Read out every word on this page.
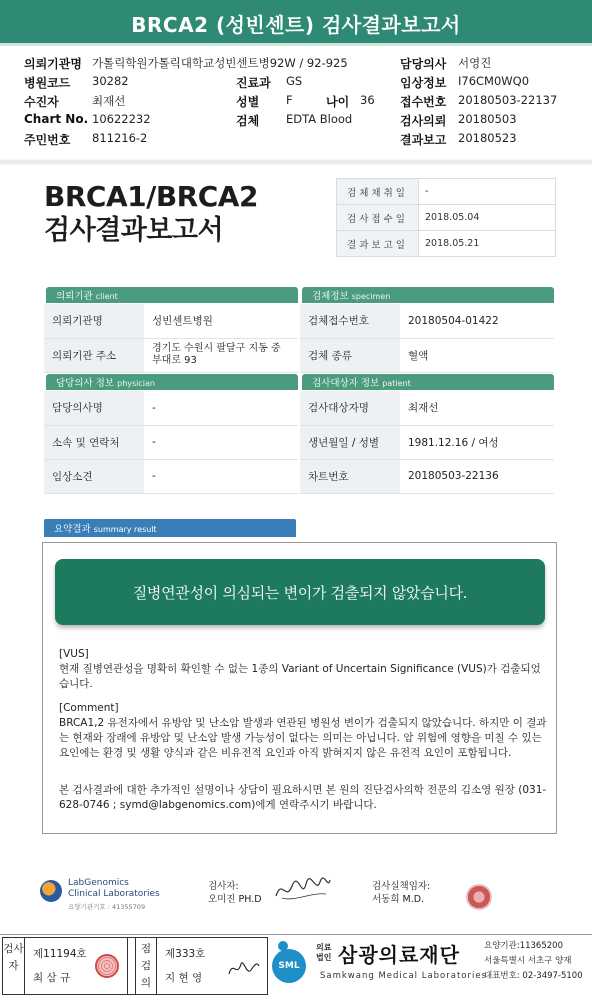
BRCA2 (성빈센트) 검사결과보고서
의뢰기관명 가톨릭학원가톨릭대학교성빈센트병92W / 92-925
병원코드 30282
수진자	최재선
Chart No. 10622232
주민번호 811216-2
진료과 GS
성별 F	나이 36
검체 EDTA Blood
담당의사 서영진
임상정보 I76CM0WQ0
접수번호 20180503-22137
검사의뢰 20180503
결과보고 20180523
BRCA1/BRCA2
검사결과보고서
검체채취일	-
검사접수일	2018.05.04
결과보고일	2018.05.21
의뢰기관 client
의뢰기관명	성빈센트병원
의뢰기관 주소	경기도 수원시 팔달구 지동 중부대로 93
검체정보 specimen
검체접수번호	20180504-01422
검체 종류	혈액
담당의사 정보 physician
담당의사명	-
소속 및 연락처	-
임상소견	-
검사대상자 정보 patient
검사대상자명	최재선
생년월일 / 성별	1981.12.16 / 여성
차트번호	20180503-22136
요약결과 summary result
질병연관성이 의심되는 변이가 검출되지 않았습니다.
[VUS]
현재 질병연관성을 명확히 확인할 수 없는 1종의 Variant of Uncertain Significance (VUS)가 검출되었습니다.
[Comment]
BRCA1,2 유전자에서 유방암 및 난소암 발생과 연관된 병원성 변이가 검출되지 않았습니다. 하지만 이 결과는 현재와 장래에 유방암 및 난소암 발생 가능성이 없다는 의미는 아닙니다. 암 위험에 영향을 미칠 수 있는 요인에는 환경 및 생활 양식과 같은 비유전적 요인과 아직 밝혀지지 않은 유전적 요인이 포함됩니다.
본 검사결과에 대한 추가적인 설명이나 상담이 필요하시면 본 원의 진단검사의학 전문의 김소영 원장 (031-628-0746 ; symd@labgenomics.com)에게 연락주시기 바랍니다.
LabGenomics
Clinical Laboratories
요양기관기호 : 41355709
검사자:
오미진 PH.D
검사실책임자:
서동희 M.D.
검사자
제11194호
최 삼 규
점검의
제333호
지 현 영
SML
의료
법인 삼광의료재단
Samkwang Medical Laboratories
요양기관:11365200
서울특별시 서초구 양재
대표번호: 02-3497-5100
